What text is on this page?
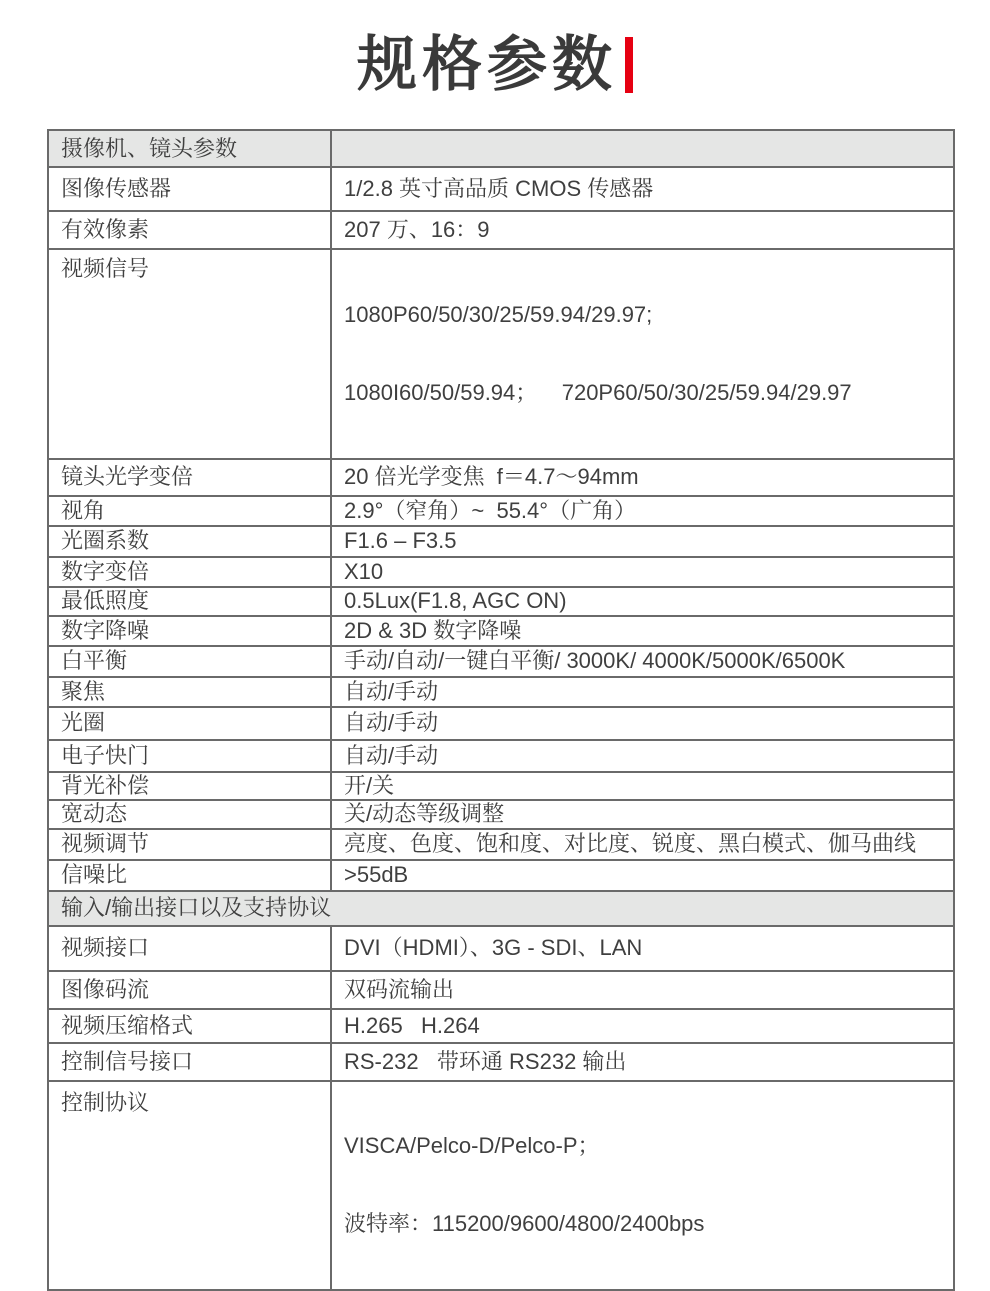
规格参数
摄像机、镜头参数	
图像传感器	1/2.8 英寸高品质 CMOS 传感器
有效像素	207 万、16：9
视频信号	1080P60/50/30/25/59.94/29.97;

1080I60/50/59.94；    720P60/50/30/25/59.94/29.97

镜头光学变倍	20 倍光学变焦  f＝4.7～94mm
视角	2.9°（窄角）~  55.4°（广角）
光圈系数	F1.6 – F3.5
数字变倍	X10
最低照度	0.5Lux(F1.8, AGC ON)
数字降噪	2D & 3D 数字降噪
白平衡	手动/自动/一键白平衡/ 3000K/ 4000K/5000K/6500K
聚焦	自动/手动
光圈	自动/手动
电子快门	自动/手动
背光补偿	开/关
宽动态	关/动态等级调整
视频调节	亮度、色度、饱和度、对比度、锐度、黑白模式、伽马曲线
信噪比	>55dB
输入/输出接口以及支持协议	
视频接口	DVI（HDMI）、3G - SDI、LAN
图像码流	双码流输出
视频压缩格式	H.265   H.264
控制信号接口	RS-232   带环通 RS232 输出
控制协议	VISCA/Pelco-D/Pelco-P；

波特率：115200/9600/4800/2400bps
